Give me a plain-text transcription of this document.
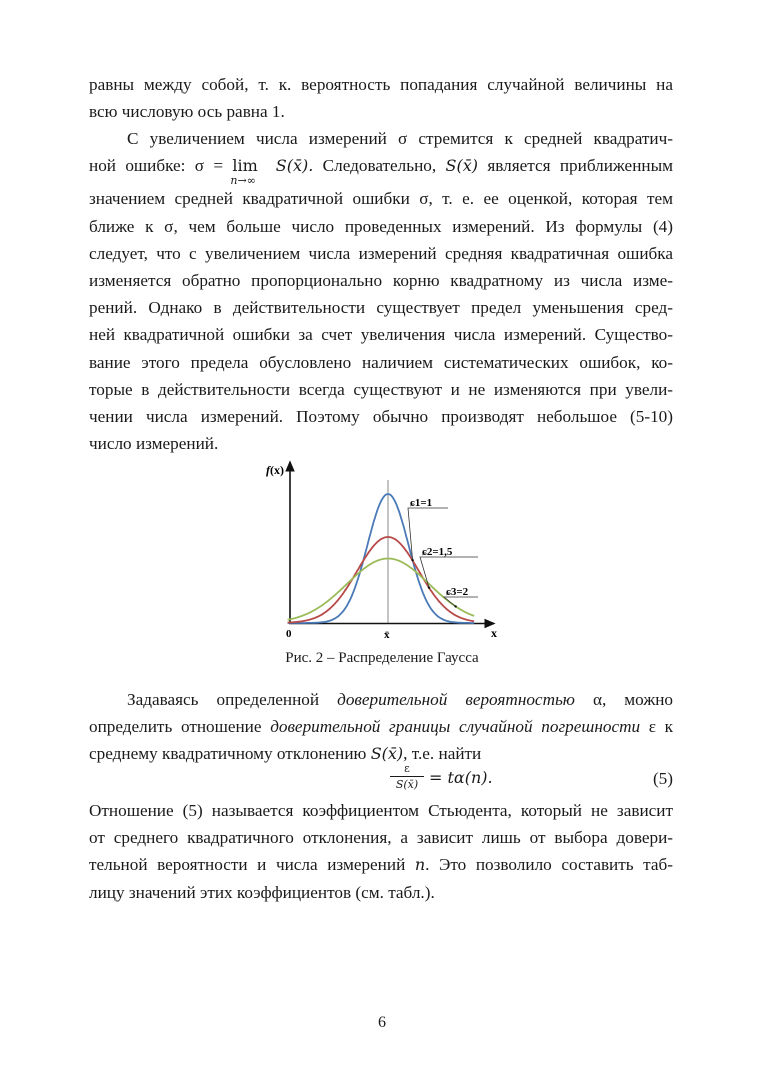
равны между собой, т. к. вероятность попадания случайной величины на
всю числовую ось равна 1.
С увеличением числа измерений σ стремится к средней квадратич-
ной ошибке: σ = lim
n→∞
S(x̄). Следовательно, S(x̄) является приближенным
значением средней квадратичной ошибки σ, т. е. ее оценкой, которая тем
ближе к σ, чем больше число проведенных измерений. Из формулы (4)
следует, что с увеличением числа измерений средняя квадратичная ошибка
изменяется обратно пропорционально корню квадратному из числа изме-
рений. Однако в действительности существует предел уменьшения сред-
ней квадратичной ошибки за счет увеличения числа измерений. Существо-
вание этого предела обусловлено наличием систематических ошибок, ко-
торые в действительности всегда существуют и не изменяются при увели-
чении числа измерений. Поэтому обычно производят небольшое (5-10)
число измерений.
f(x)
0	x̄	x
ɕ1=1
ɕ2=1,5
ɕ3=2
Рис. 2 – Распределение Гаусса
Задаваясь определенной доверительной вероятностью α, можно
определить отношение доверительной границы случайной погрешности ε к
среднему квадратичному отклонению S(x̄), т.е. найти
ε
S(x̄) = tα(n).	(5)
Отношение (5) называется коэффициентом Стьюдента, который не зависит
от среднего квадратичного отклонения, а зависит лишь от выбора довери-
тельной вероятности и числа измерений n. Это позволило составить таб-
лицу значений этих коэффициентов (см. табл.).
6
